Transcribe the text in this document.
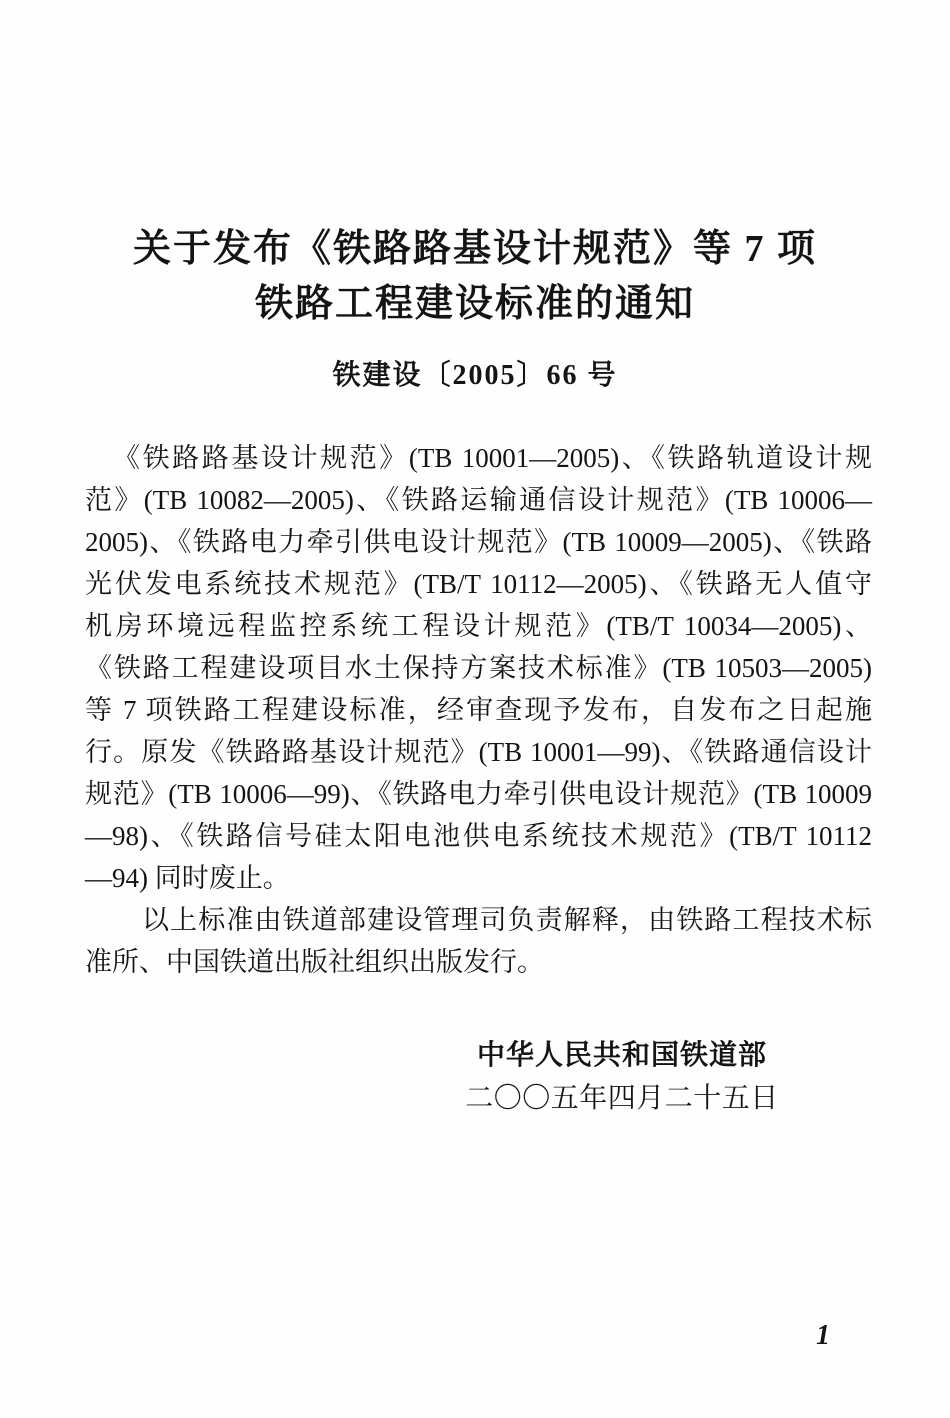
关于发布《铁路路基设计规范》等 7 项
铁路工程建设标准的通知
铁建设〔2005〕66 号
《铁路路基设计规范》(TB 10001—2005)、《铁路轨道设计规
范》(TB 10082—2005)、《铁路运输通信设计规范》(TB 10006—
2005)、《铁路电力牵引供电设计规范》(TB 10009—2005)、《铁路
光伏发电系统技术规范》(TB/T 10112—2005)、《铁路无人值守
机房环境远程监控系统工程设计规范》(TB/T 10034—2005)、
《铁路工程建设项目水土保持方案技术标准》(TB 10503—2005)
等 7 项铁路工程建设标准，经审查现予发布，自发布之日起施
行。原发《铁路路基设计规范》(TB 10001—99)、《铁路通信设计
规范》(TB 10006—99)、《铁路电力牵引供电设计规范》(TB 10009
—98)、《铁路信号硅太阳电池供电系统技术规范》(TB/T 10112
—94) 同时废止。
以上标准由铁道部建设管理司负责解释，由铁路工程技术标
准所、中国铁道出版社组织出版发行。
中华人民共和国铁道部
二〇〇五年四月二十五日
1
